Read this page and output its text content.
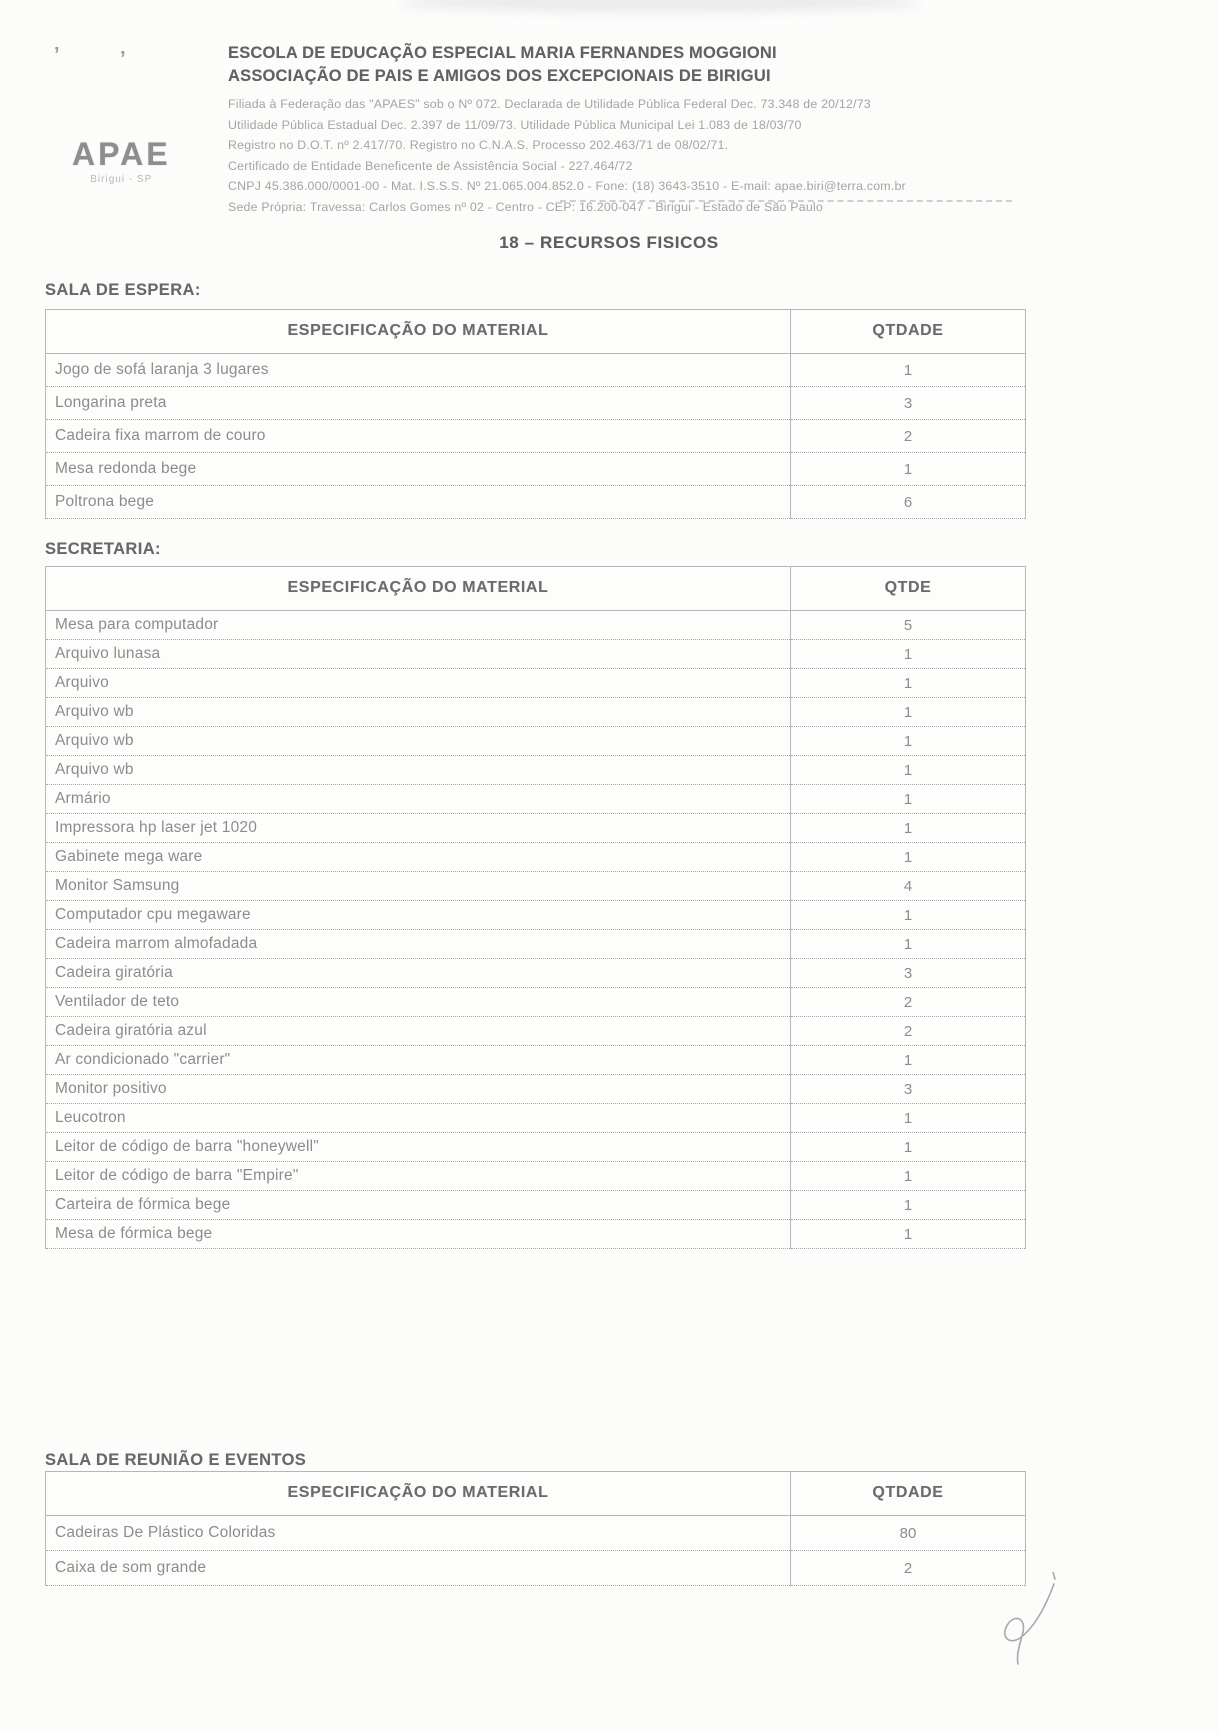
’	’
APAE
Birigui - SP
ESCOLA DE EDUCAÇÃO ESPECIAL MARIA FERNANDES MOGGIONI
ASSOCIAÇÃO DE PAIS E AMIGOS DOS EXCEPCIONAIS DE BIRIGUI
Filiada à Federação das "APAES" sob o Nº 072. Declarada de Utilidade Pública Federal Dec. 73.348 de 20/12/73
Utilidade Pública Estadual Dec. 2.397 de 11/09/73. Utilidade Pública Municipal Lei 1.083 de 18/03/70
Registro no D.O.T. nº 2.417/70. Registro no C.N.A.S. Processo 202.463/71 de 08/02/71.
Certificado de Entidade Beneficente de Assistência Social - 227.464/72
CNPJ 45.386.000/0001-00 - Mat. I.S.S.S. Nº 21.065.004.852.0 - Fone: (18) 3643-3510 - E-mail: apae.biri@terra.com.br
Sede Própria: Travessa: Carlos Gomes nº 02 - Centro - CEP: 16.200-047 - Birigui - Estado de São Paulo
18 – RECURSOS FISICOS
SALA DE ESPERA:
ESPECIFICAÇÃO DO MATERIAL	QTDADE
Jogo de sofá laranja 3 lugares	1
Longarina preta	3
Cadeira fixa marrom de couro	2
Mesa redonda bege	1
Poltrona bege	6
SECRETARIA:
ESPECIFICAÇÃO DO MATERIAL	QTDE
Mesa para computador	5
Arquivo lunasa	1
Arquivo	1
Arquivo wb	1
Arquivo wb	1
Arquivo wb	1
Armário	1
Impressora hp laser jet 1020	1
Gabinete mega ware	1
Monitor Samsung	4
Computador cpu megaware	1
Cadeira marrom almofadada	1
Cadeira giratória	3
Ventilador de teto	2
Cadeira giratória azul	2
Ar condicionado "carrier"	1
Monitor positivo	3
Leucotron	1
Leitor de código de barra "honeywell"	1
Leitor de código de barra "Empire"	1
Carteira de fórmica bege	1
Mesa de fórmica bege	1
SALA DE REUNIÃO E EVENTOS
ESPECIFICAÇÃO DO MATERIAL	QTDADE
Cadeiras De Plástico Coloridas	80
Caixa de som grande	2
